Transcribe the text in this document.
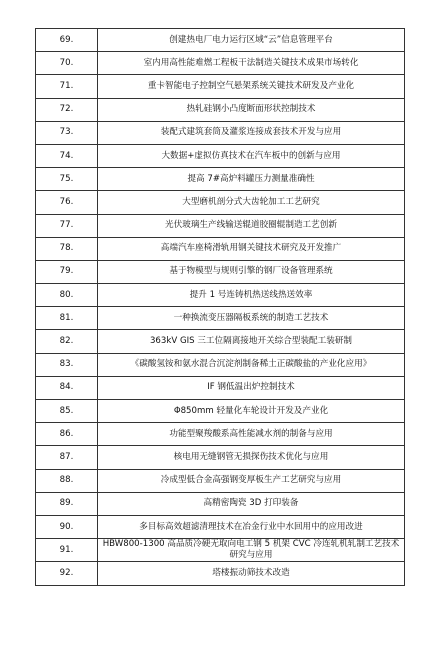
69.	创建热电厂电力运行区域“云”信息管理平台
70.	室内用高性能难燃工程板干法制造关键技术成果市场转化
71.	重卡智能电子控制空气悬架系统关键技术研发及产业化
72.	热轧硅钢小凸度断面形状控制技术
73.	装配式建筑套筒及灌浆连接成套技术开发与应用
74.	大数据+虚拟仿真技术在汽车板中的创新与应用
75.	提高 7#高炉料罐压力测量准确性
76.	大型磨机剖分式大齿轮加工工艺研究
77.	光伏玻璃生产线输送辊道胶圈辊制造工艺创新
78.	高端汽车座椅滑轨用钢关键技术研究及开发推广
79.	基于物模型与规则引擎的钢厂设备管理系统
80.	提升 1 号连铸机热送线热送效率
81.	一种换流变压器隔板系统的制造工艺技术
82.	363kV GIS 三工位隔离接地开关综合型装配工装研制
83.	《碳酸氢铵和氨水混合沉淀剂制备稀土正碳酸盐的产业化应用》
84.	IF 钢低温出炉控制技术
85.	Φ850mm 轻量化车轮设计开发及产业化
86.	功能型聚羧酸系高性能减水剂的制备与应用
87.	核电用无缝钢管无损探伤技术优化与应用
88.	冷成型低合金高强钢变厚板生产工艺研究与应用
89.	高精密陶瓷 3D 打印装备
90.	多目标高效超滤清理技术在冶金行业中水回用中的应用改进
91.	HBW800-1300 高品质冷硬无取向电工钢 5 机架 CVC 冷连轧机轧制工艺技术研究与应用
92.	塔楼振动筛技术改造
